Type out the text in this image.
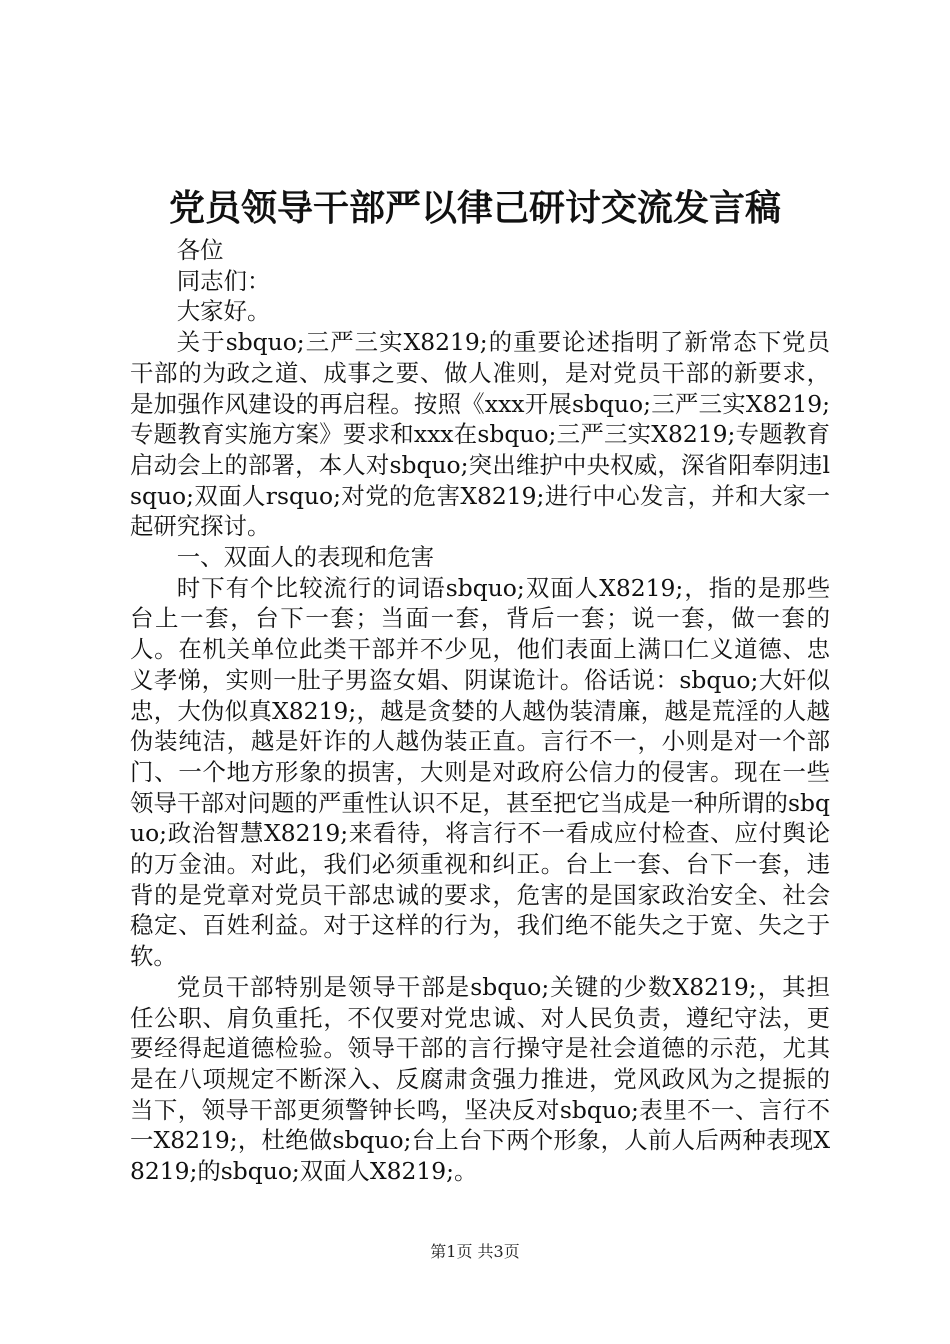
党员领导干部严以律己研讨交流发言稿

各位

同志们：

大家好。

关于sbquo;三严三实X8219;的重要论述指明了新常态下党员干部的为政之道、成事之要、做人准则，是对党员干部的新要求，是加强作风建设的再启程。按照《xxx开展sbquo;三严三实X8219;专题教育实施方案》要求和xxx在sbquo;三严三实X8219;专题教育启动会上的部署，本人对sbquo;突出维护中央权威，深省阳奉阴违lsquo;双面人rsquo;对党的危害X8219;进行中心发言，并和大家一起研究探讨。

一、双面人的表现和危害

时下有个比较流行的词语sbquo;双面人X8219;，指的是那些台上一套，台下一套；当面一套，背后一套；说一套，做一套的人。在机关单位此类干部并不少见，他们表面上满口仁义道德、忠义孝悌，实则一肚子男盗女娼、阴谋诡计。俗话说：sbquo;大奸似忠，大伪似真X8219;，越是贪婪的人越伪装清廉，越是荒淫的人越伪装纯洁，越是奸诈的人越伪装正直。言行不一，小则是对一个部门、一个地方形象的损害，大则是对政府公信力的侵害。现在一些领导干部对问题的严重性认识不足，甚至把它当成是一种所谓的sbquo;政治智慧X8219;来看待，将言行不一看成应付检查、应付舆论的万金油。对此，我们必须重视和纠正。台上一套、台下一套，违背的是党章对党员干部忠诚的要求，危害的是国家政治安全、社会稳定、百姓利益。对于这样的行为，我们绝不能失之于宽、失之于软。

党员干部特别是领导干部是sbquo;关键的少数X8219;，其担任公职、肩负重托，不仅要对党忠诚、对人民负责，遵纪守法，更要经得起道德检验。领导干部的言行操守是社会道德的示范，尤其是在八项规定不断深入、反腐肃贪强力推进，党风政风为之提振的当下，领导干部更须警钟长鸣，坚决反对sbquo;表里不一、言行不一X8219;，杜绝做sbquo;台上台下两个形象，人前人后两种表现X8219;的sbquo;双面人X8219;。

第1页 共3页
